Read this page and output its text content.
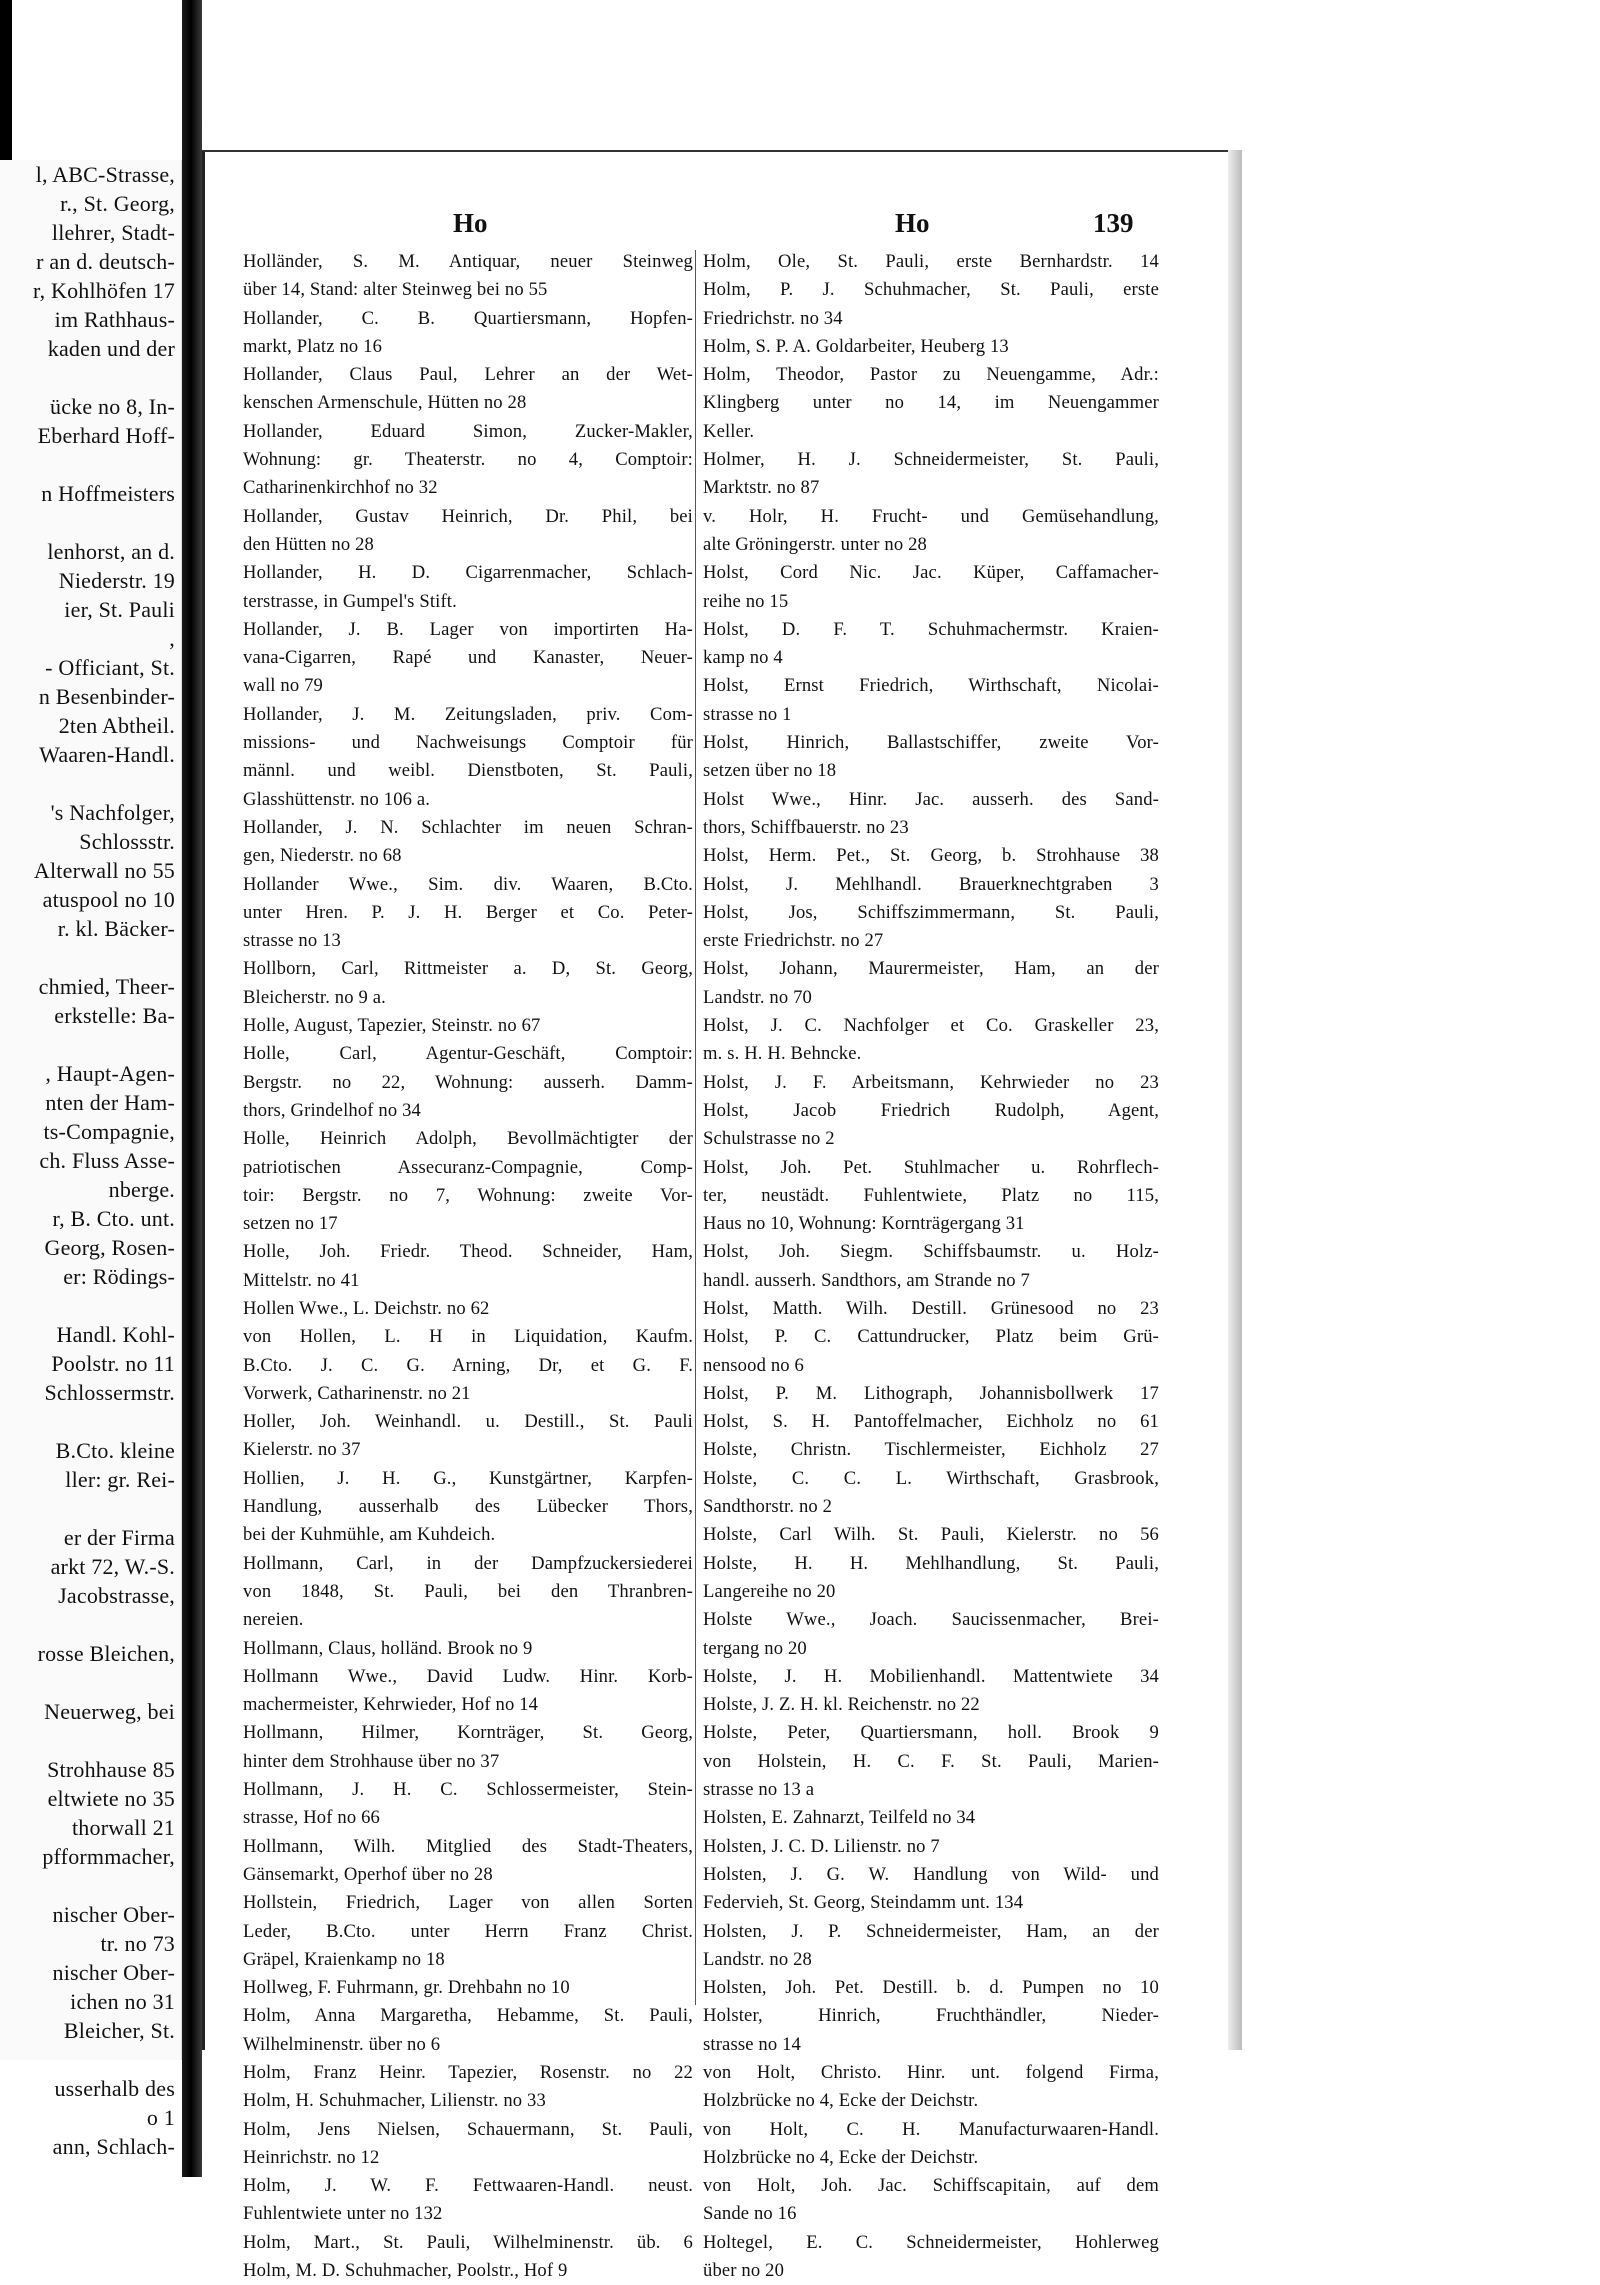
l, ABC-Strasse,
r., St. Georg,
llehrer, Stadt-
r an d. deutsch-
r, Kohlhöfen 17
im Rathhaus-
kaden und der

ücke no 8, In-
Eberhard Hoff-

n Hoffmeisters

lenhorst, an d.
Niederstr. 19
ier, St. Pauli
,
- Officiant, St.
n Besenbinder-
2ten Abtheil.
Waaren-Handl.

's Nachfolger,
Schlossstr.
Alterwall no 55
atuspool no 10
r. kl. Bäcker-

chmied, Theer-
erkstelle: Ba-

, Haupt-Agen-
nten der Ham-
ts-Compagnie,
ch. Fluss Asse-
nberge.
r, B. Cto. unt.
Georg, Rosen-
er: Rödings-

Handl. Kohl-
Poolstr. no 11
Schlossermstr.

B.Cto. kleine
ller: gr. Rei-

er der Firma
arkt 72, W.-S.
Jacobstrasse,

rosse Bleichen,

Neuerweg, bei

Strohhause 85
eltwiete no 35
thorwall 21
pfformmacher,

nischer Ober-
tr. no 73
nischer Ober-
ichen no 31
Bleicher, St.

usserhalb des
o 1
ann, Schlach-
Ho	Ho	139
Holländer, S. M. Antiquar, neuer Steinweg
über 14, Stand: alter Steinweg bei no 55
Hollander, C. B. Quartiersmann, Hopfen-
markt, Platz no 16
Hollander, Claus Paul, Lehrer an der Wet-
kenschen Armenschule, Hütten no 28
Hollander, Eduard Simon, Zucker-Makler,
Wohnung: gr. Theaterstr. no 4, Comptoir:
Catharinenkirchhof no 32
Hollander, Gustav Heinrich, Dr. Phil, bei
den Hütten no 28
Hollander, H. D. Cigarrenmacher, Schlach-
terstrasse, in Gumpel's Stift.
Hollander, J. B. Lager von importirten Ha-
vana-Cigarren, Rapé und Kanaster, Neuer-
wall no 79
Hollander, J. M. Zeitungsladen, priv. Com-
missions- und Nachweisungs Comptoir für
männl. und weibl. Dienstboten, St. Pauli,
Glasshüttenstr. no 106 a.
Hollander, J. N. Schlachter im neuen Schran-
gen, Niederstr. no 68
Hollander Wwe., Sim. div. Waaren, B.Cto.
unter Hren. P. J. H. Berger et Co. Peter-
strasse no 13
Hollborn, Carl, Rittmeister a. D, St. Georg,
Bleicherstr. no 9 a.
Holle, August, Tapezier, Steinstr. no 67
Holle, Carl, Agentur-Geschäft, Comptoir:
Bergstr. no 22, Wohnung: ausserh. Damm-
thors, Grindelhof no 34
Holle, Heinrich Adolph, Bevollmächtigter der
patriotischen Assecuranz-Compagnie, Comp-
toir: Bergstr. no 7, Wohnung: zweite Vor-
setzen no 17
Holle, Joh. Friedr. Theod. Schneider, Ham,
Mittelstr. no 41
Hollen Wwe., L. Deichstr. no 62
von Hollen, L. H in Liquidation, Kaufm.
B.Cto. J. C. G. Arning, Dr, et G. F.
Vorwerk, Catharinenstr. no 21
Holler, Joh. Weinhandl. u. Destill., St. Pauli
Kielerstr. no 37
Hollien, J. H. G., Kunstgärtner, Karpfen-
Handlung, ausserhalb des Lübecker Thors,
bei der Kuhmühle, am Kuhdeich.
Hollmann, Carl, in der Dampfzuckersiederei
von 1848, St. Pauli, bei den Thranbren-
nereien.
Hollmann, Claus, holländ. Brook no 9
Hollmann Wwe., David Ludw. Hinr. Korb-
machermeister, Kehrwieder, Hof no 14
Hollmann, Hilmer, Kornträger, St. Georg,
hinter dem Strohhause über no 37
Hollmann, J. H. C. Schlossermeister, Stein-
strasse, Hof no 66
Hollmann, Wilh. Mitglied des Stadt-Theaters,
Gänsemarkt, Operhof über no 28
Hollstein, Friedrich, Lager von allen Sorten
Leder, B.Cto. unter Herrn Franz Christ.
Gräpel, Kraienkamp no 18
Hollweg, F. Fuhrmann, gr. Drehbahn no 10
Holm, Anna Margaretha, Hebamme, St. Pauli,
Wilhelminenstr. über no 6
Holm, Franz Heinr. Tapezier, Rosenstr. no 22
Holm, H. Schuhmacher, Lilienstr. no 33
Holm, Jens Nielsen, Schauermann, St. Pauli,
Heinrichstr. no 12
Holm, J. W. F. Fettwaaren-Handl. neust.
Fuhlentwiete unter no 132
Holm, Mart., St. Pauli, Wilhelminenstr. üb. 6
Holm, M. D. Schuhmacher, Poolstr., Hof 9
Holm, Ole, St. Pauli, erste Bernhardstr. 14
Holm, P. J. Schuhmacher, St. Pauli, erste
Friedrichstr. no 34
Holm, S. P. A. Goldarbeiter, Heuberg 13
Holm, Theodor, Pastor zu Neuengamme, Adr.:
Klingberg unter no 14, im Neuengammer
Keller.
Holmer, H. J. Schneidermeister, St. Pauli,
Marktstr. no 87
v. Holr, H. Frucht- und Gemüsehandlung,
alte Gröningerstr. unter no 28
Holst, Cord Nic. Jac. Küper, Caffamacher-
reihe no 15
Holst, D. F. T. Schuhmachermstr. Kraien-
kamp no 4
Holst, Ernst Friedrich, Wirthschaft, Nicolai-
strasse no 1
Holst, Hinrich, Ballastschiffer, zweite Vor-
setzen über no 18
Holst Wwe., Hinr. Jac. ausserh. des Sand-
thors, Schiffbauerstr. no 23
Holst, Herm. Pet., St. Georg, b. Strohhause 38
Holst, J. Mehlhandl. Brauerknechtgraben 3
Holst, Jos, Schiffszimmermann, St. Pauli,
erste Friedrichstr. no 27
Holst, Johann, Maurermeister, Ham, an der
Landstr. no 70
Holst, J. C. Nachfolger et Co. Graskeller 23,
m. s. H. H. Behncke.
Holst, J. F. Arbeitsmann, Kehrwieder no 23
Holst, Jacob Friedrich Rudolph, Agent,
Schulstrasse no 2
Holst, Joh. Pet. Stuhlmacher u. Rohrflech-
ter, neustädt. Fuhlentwiete, Platz no 115,
Haus no 10, Wohnung: Kornträgergang 31
Holst, Joh. Siegm. Schiffsbaumstr. u. Holz-
handl. ausserh. Sandthors, am Strande no 7
Holst, Matth. Wilh. Destill. Grünesood no 23
Holst, P. C. Cattundrucker, Platz beim Grü-
nensood no 6
Holst, P. M. Lithograph, Johannisbollwerk 17
Holst, S. H. Pantoffelmacher, Eichholz no 61
Holste, Christn. Tischlermeister, Eichholz 27
Holste, C. C. L. Wirthschaft, Grasbrook,
Sandthorstr. no 2
Holste, Carl Wilh. St. Pauli, Kielerstr. no 56
Holste, H. H. Mehlhandlung, St. Pauli,
Langereihe no 20
Holste Wwe., Joach. Saucissenmacher, Brei-
tergang no 20
Holste, J. H. Mobilienhandl. Mattentwiete 34
Holste, J. Z. H. kl. Reichenstr. no 22
Holste, Peter, Quartiersmann, holl. Brook 9
von Holstein, H. C. F. St. Pauli, Marien-
strasse no 13 a
Holsten, E. Zahnarzt, Teilfeld no 34
Holsten, J. C. D. Lilienstr. no 7
Holsten, J. G. W. Handlung von Wild- und
Federvieh, St. Georg, Steindamm unt. 134
Holsten, J. P. Schneidermeister, Ham, an der
Landstr. no 28
Holsten, Joh. Pet. Destill. b. d. Pumpen no 10
Holster, Hinrich, Fruchthändler, Nieder-
strasse no 14
von Holt, Christo. Hinr. unt. folgend Firma,
Holzbrücke no 4, Ecke der Deichstr.
von Holt, C. H. Manufacturwaaren-Handl.
Holzbrücke no 4, Ecke der Deichstr.
von Holt, Joh. Jac. Schiffscapitain, auf dem
Sande no 16
Holtegel, E. C. Schneidermeister, Hohlerweg
über no 20
